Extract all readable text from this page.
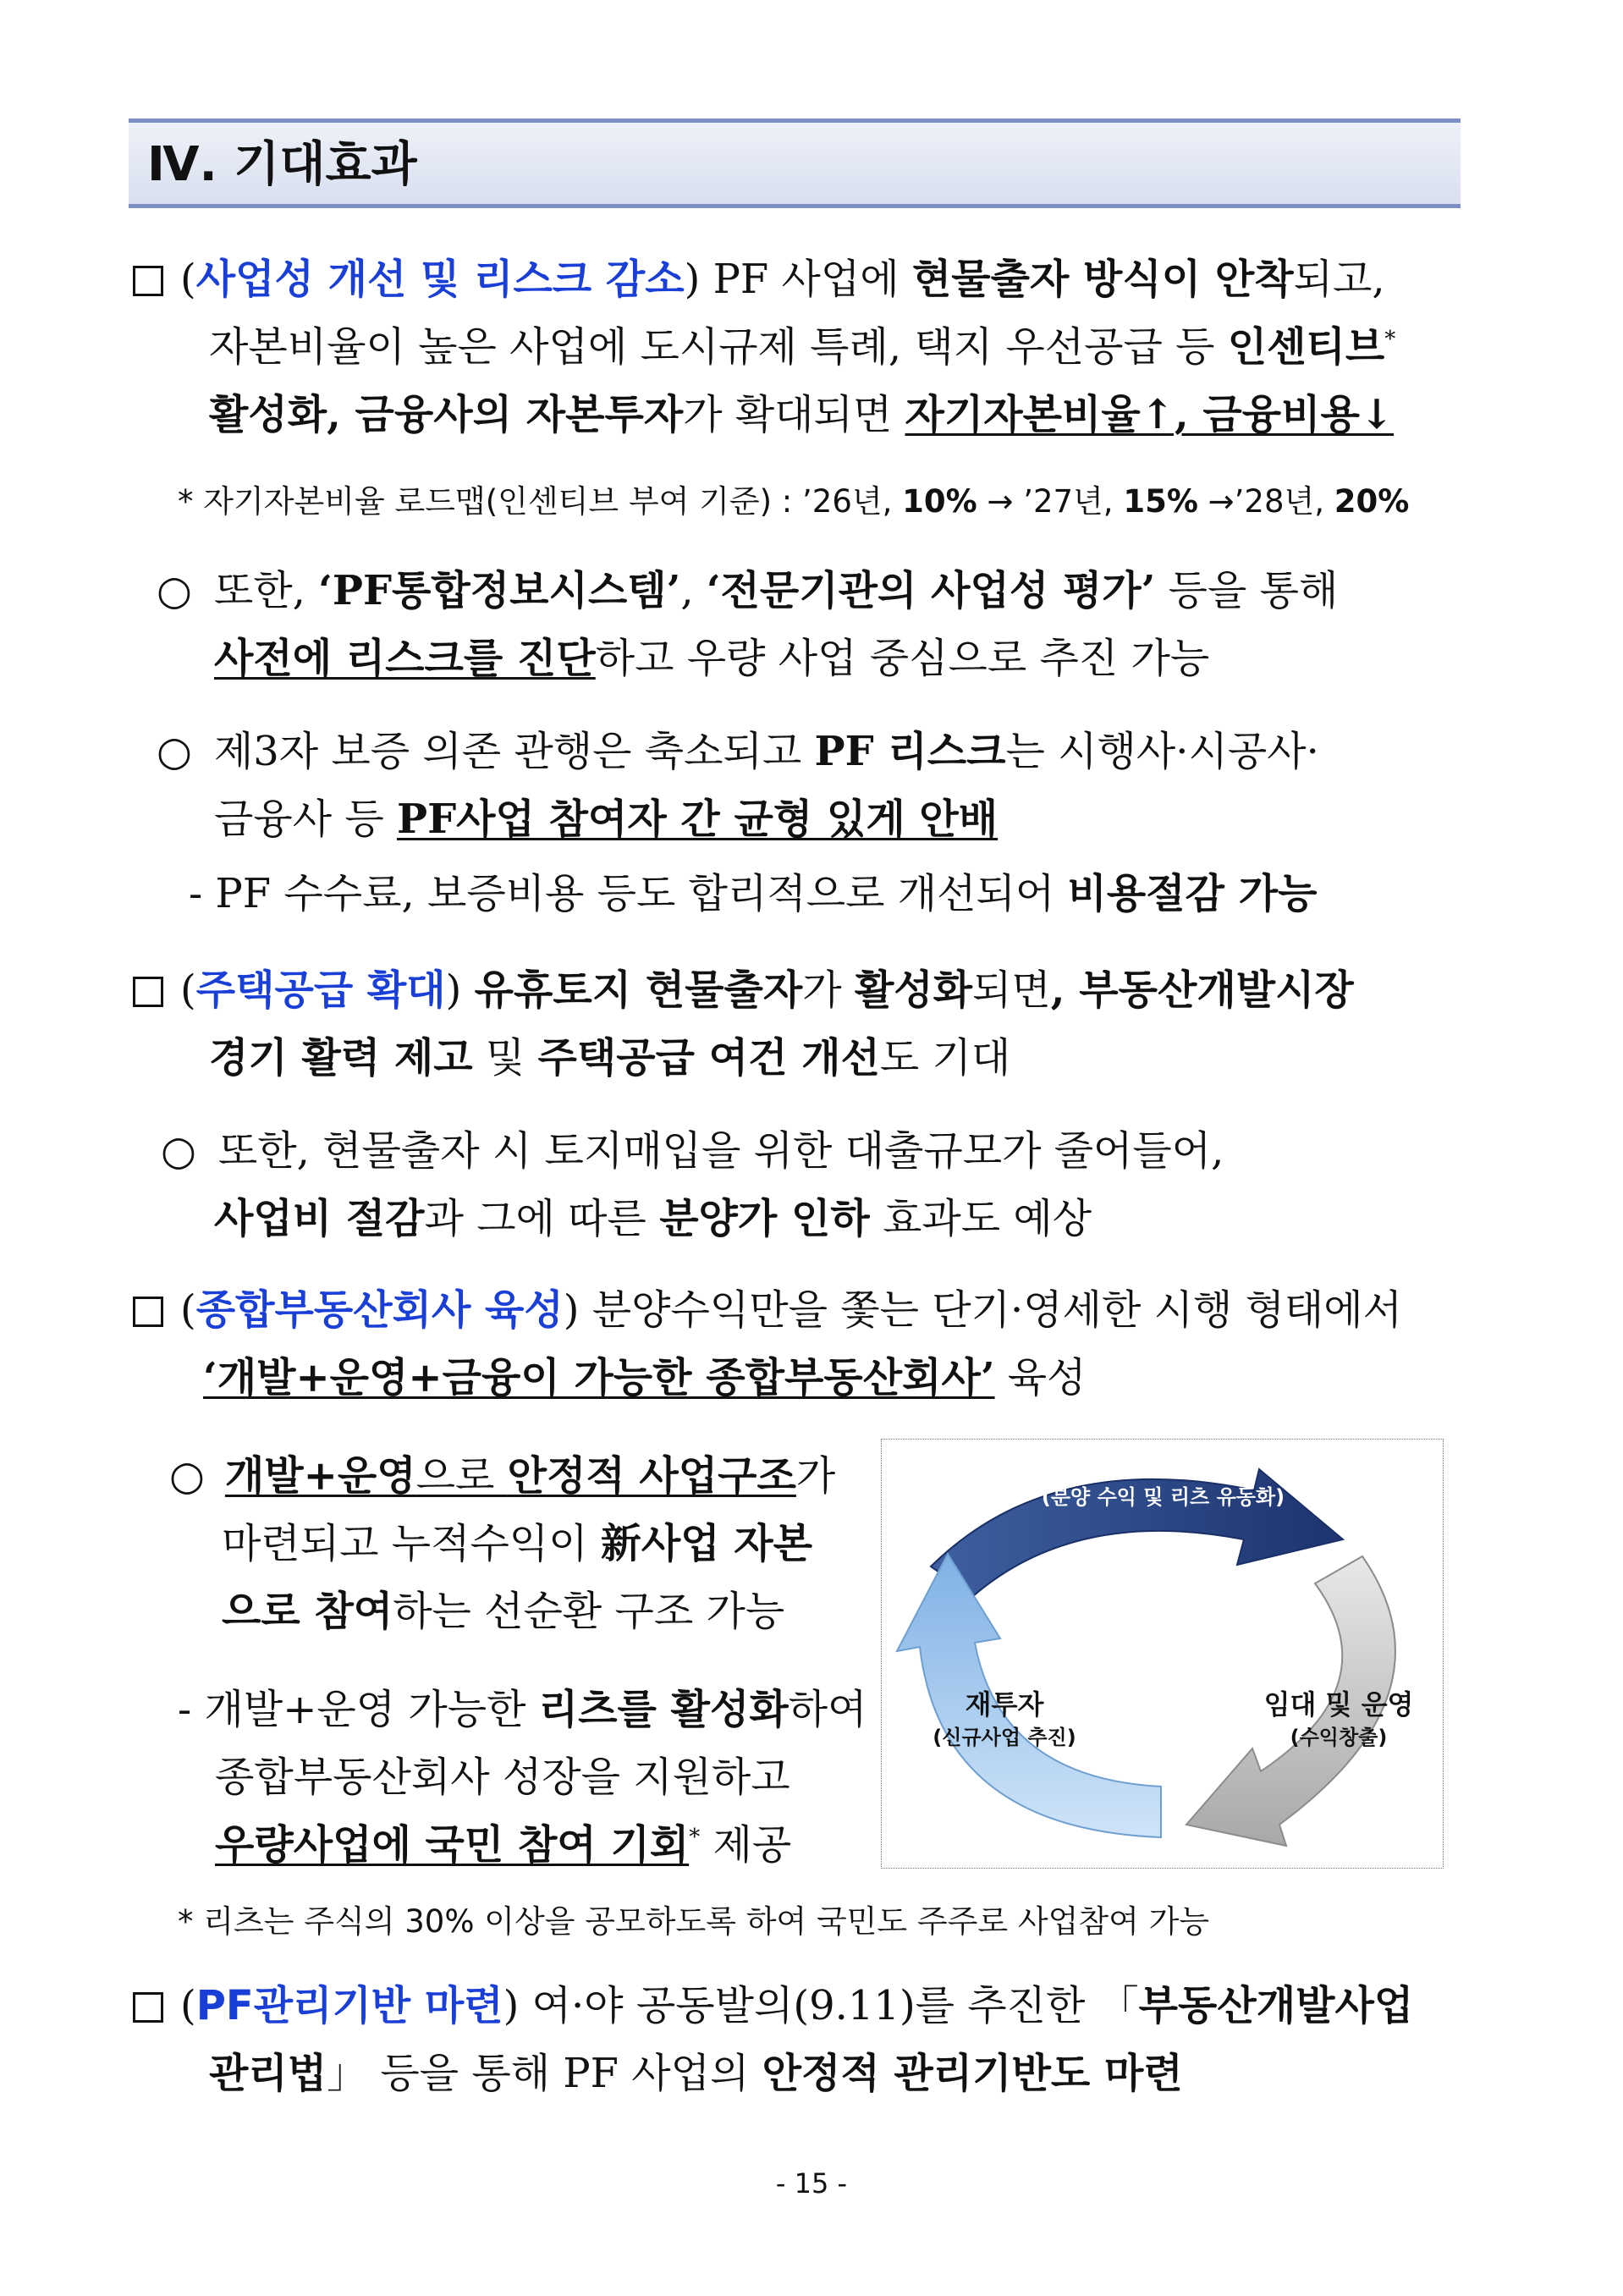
Ⅳ. 기대효과
(사업성 개선 및 리스크 감소) PF 사업에 현물출자 방식이 안착되고,
자본비율이 높은 사업에 도시규제 특례, 택지 우선공급 등 인센티브*
활성화, 금융사의 자본투자가 확대되면 자기자본비율↑, 금융비용↓
* 자기자본비율 로드맵(인센티브 부여 기준) : ’26년, 10% → ’27년, 15% →’28년, 20%
○ 또한, ‘PF통합정보시스템’, ‘전문기관의 사업성 평가’ 등을 통해
사전에 리스크를 진단하고 우량 사업 중심으로 추진 가능
○ 제3자 보증 의존 관행은 축소되고 PF 리스크는 시행사·시공사·
금융사 등 PF사업 참여자 간 균형 있게 안배
- PF 수수료, 보증비용 등도 합리적으로 개선되어 비용절감 가능
(주택공급 확대) 유휴토지 현물출자가 활성화되면, 부동산개발시장
경기 활력 제고 및 주택공급 여건 개선도 기대
○ 또한, 현물출자 시 토지매입을 위한 대출규모가 줄어들어,
사업비 절감과 그에 따른 분양가 인하 효과도 예상
(종합부동산회사 육성) 분양수익만을 쫓는 단기·영세한 시행 형태에서
‘개발+운영+금융이 가능한 종합부동산회사’ 육성
○ 개발+운영으로 안정적 사업구조가
마련되고 누적수익이 新사업 자본
으로 참여하는 선순환 구조 가능
- 개발+운영 가능한 리츠를 활성화하여
종합부동산회사 성장을 지원하고
우량사업에 국민 참여 기회* 제공
개발
(분양 수익 및 리츠 유동화)
임대 및 운영
(수익창출)
재투자
(신규사업 추진)
* 리츠는 주식의 30% 이상을 공모하도록 하여 국민도 주주로 사업참여 가능
(PF관리기반 마련) 여·야 공동발의(9.11)를 추진한 「부동산개발사업
관리법」 등을 통해 PF 사업의 안정적 관리기반도 마련
- 15 -
